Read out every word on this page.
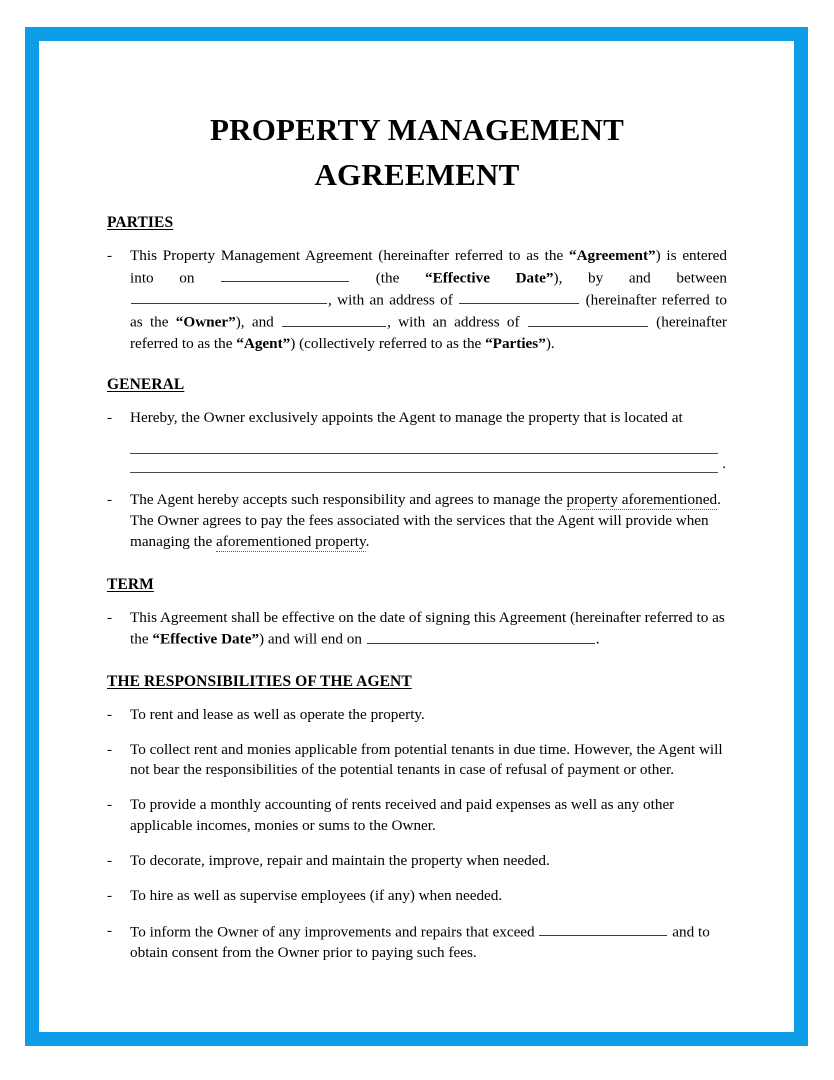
PROPERTY MANAGEMENT AGREEMENT
PARTIES
- This Property Management Agreement (hereinafter referred to as the “Agreement”) is entered into on	(the “Effective Date”), by and between , with an address of	(hereinafter referred to as the “Owner”), and	, with an address of	(hereinafter referred to as the “Agent”) (collectively referred to as the “Parties”).

GENERAL
- Hereby, the Owner exclusively appoints the Agent to manage the property that is located at

.
- The Agent hereby accepts such responsibility and agrees to manage the property aforementioned.

The Owner agrees to pay the fees associated with the services that the Agent will provide when managing the aforementioned property.

TERM
- This Agreement shall be effective on the date of signing this Agreement (hereinafter referred to as the “Effective Date”) and will end on	.

THE RESPONSIBILITIES OF THE AGENT
- To rent and lease as well as operate the property.

- To collect rent and monies applicable from potential tenants in due time. However, the Agent will not bear the responsibilities of the potential tenants in case of refusal of payment or other.

- To provide a monthly accounting of rents received and paid expenses as well as any other applicable incomes, monies or sums to the Owner.

- To decorate, improve, repair and maintain the property when needed.

- To hire as well as supervise employees (if any) when needed.

- To inform the Owner of any improvements and repairs that exceed	and to obtain consent from the Owner prior to paying such fees.
